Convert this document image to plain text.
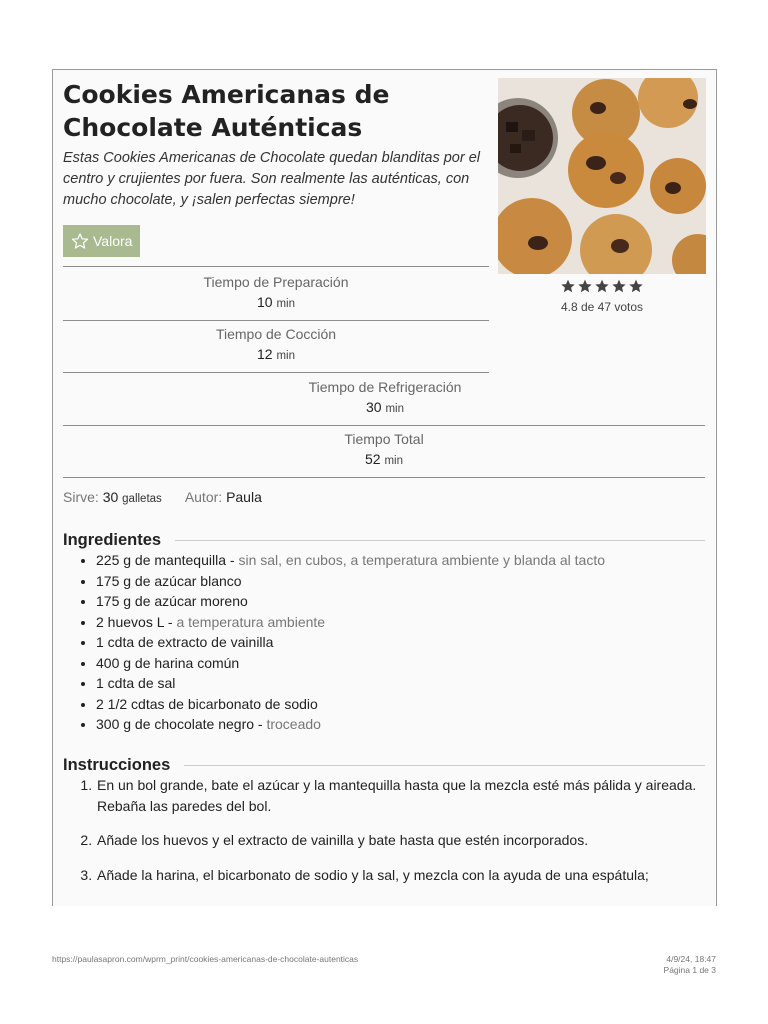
Cookies Americanas de Chocolate Auténticas

Estas Cookies Americanas de Chocolate quedan blanditas por el centro y crujientes por fuera. Son realmente las auténticas, con mucho chocolate, y ¡salen perfectas siempre!

Valora
4.8 de 47 votos
Tiempo de Preparación
10 min
Tiempo de Cocción
12 min
Tiempo de Refrigeración
30 min
Tiempo Total
52 min
Sirve: 30 galletas Autor: Paula
Ingredientes
• 225 g de mantequilla - sin sal, en cubos, a temperatura ambiente y blanda al tacto
• 175 g de azúcar blanco
• 175 g de azúcar moreno
• 2 huevos L - a temperatura ambiente
• 1 cdta de extracto de vainilla
• 400 g de harina común
• 1 cdta de sal
• 2 1/2 cdtas de bicarbonato de sodio
• 300 g de chocolate negro - troceado
Instrucciones
1. En un bol grande, bate el azúcar y la mantequilla hasta que la mezcla esté más pálida y aireada. Rebaña las paredes del bol.
2. Añade los huevos y el extracto de vainilla y bate hasta que estén incorporados.
3. Añade la harina, el bicarbonato de sodio y la sal, y mezcla con la ayuda de una espátula;
https://paulasapron.com/wprm_print/cookies-americanas-de-chocolate-autenticas	4/9/24, 18:47
Página 1 de 3
